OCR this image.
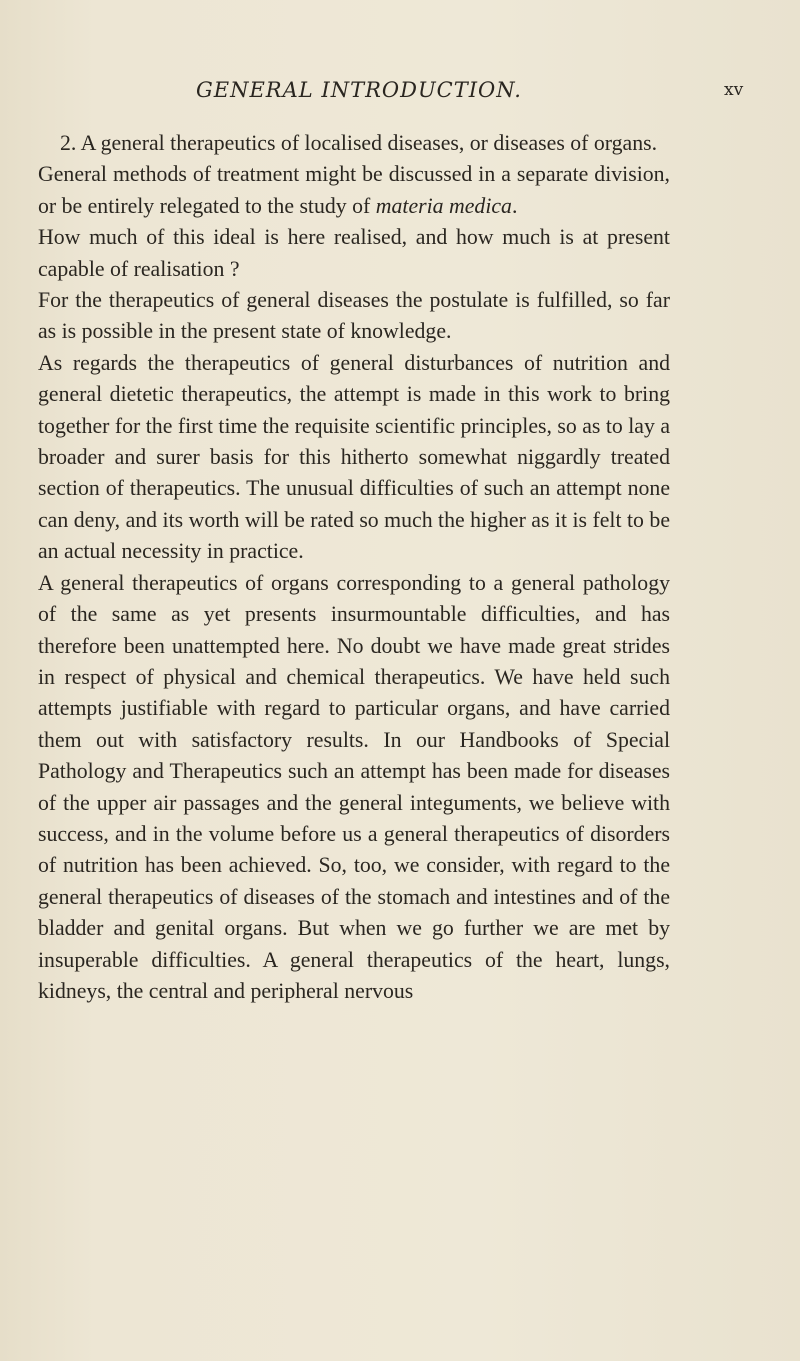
GENERAL INTRODUCTION.	xv

2. A general therapeutics of localised diseases, or diseases of organs.

General methods of treatment might be discussed in a separate division, or be entirely relegated to the study of materia medica.

How much of this ideal is here realised, and how much is at present capable of realisation ?

For the therapeutics of general diseases the postulate is fulfilled, so far as is possible in the present state of knowledge.

As regards the therapeutics of general disturbances of nutrition and general dietetic therapeutics, the attempt is made in this work to bring together for the first time the requisite scientific principles, so as to lay a broader and surer basis for this hitherto somewhat niggardly treated section of therapeutics. The unusual difficulties of such an attempt none can deny, and its worth will be rated so much the higher as it is felt to be an actual necessity in practice.

A general therapeutics of organs corresponding to a general pathology of the same as yet presents insurmountable difficulties, and has therefore been unattempted here. No doubt we have made great strides in respect of physical and chemical therapeutics. We have held such attempts justifiable with regard to particular organs, and have carried them out with satisfactory results. In our Handbooks of Special Pathology and Therapeutics such an attempt has been made for diseases of the upper air passages and the general integuments, we believe with success, and in the volume before us a general therapeutics of disorders of nutrition has been achieved. So, too, we consider, with regard to the general therapeutics of diseases of the stomach and intestines and of the bladder and genital organs. But when we go further we are met by insuperable difficulties. A general therapeutics of the heart, lungs, kidneys, the central and peripheral nervous
